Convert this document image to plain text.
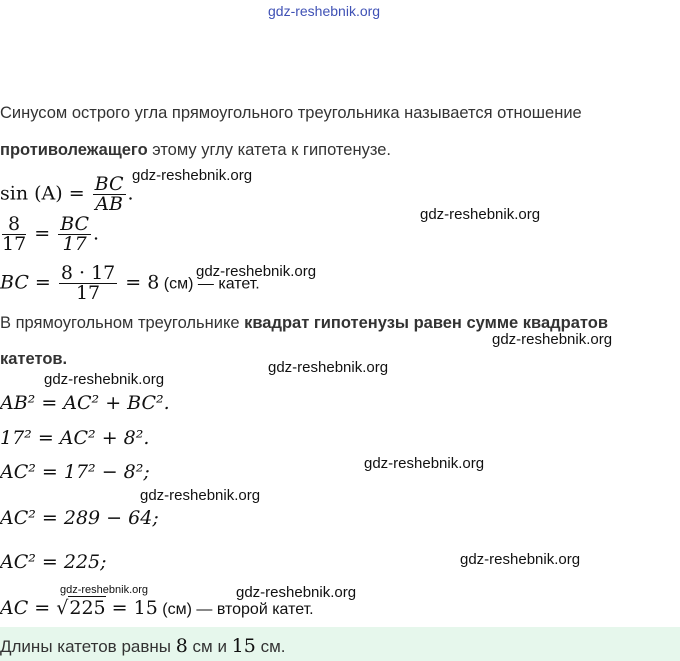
gdz-reshebnik.org
Синусом острого угла прямоугольного треугольника называется отношение
противолежащего этому углу катета к гипотенузе.
$\sin (A) = \frac{BC}{AB}$ .
$\frac{8}{17} = \frac{BC}{17}$ .
BC = $\frac{8 \cdot 17}{17} = 8$ (см) — катет.
В прямоугольном треугольнике квадрат гипотенузы равен сумме квадратов
катетов.
AB² = AC² + BC².
17² = AC² + 8².
AC² = 17² − 8²;
AC² = 289 − 64;
AC² = 225;
AC = √225 = 15 (см) — второй катет.
Длины катетов равны 8 см и 15 см.
gdz-reshebnik.org
gdz-reshebnik.org
gdz-reshebnik.org
gdz-reshebnik.org
gdz-reshebnik.org
gdz-reshebnik.org
gdz-reshebnik.org
gdz-reshebnik.org
gdz-reshebnik.org
gdz-reshebnik.org	gdz-reshebnik.org
